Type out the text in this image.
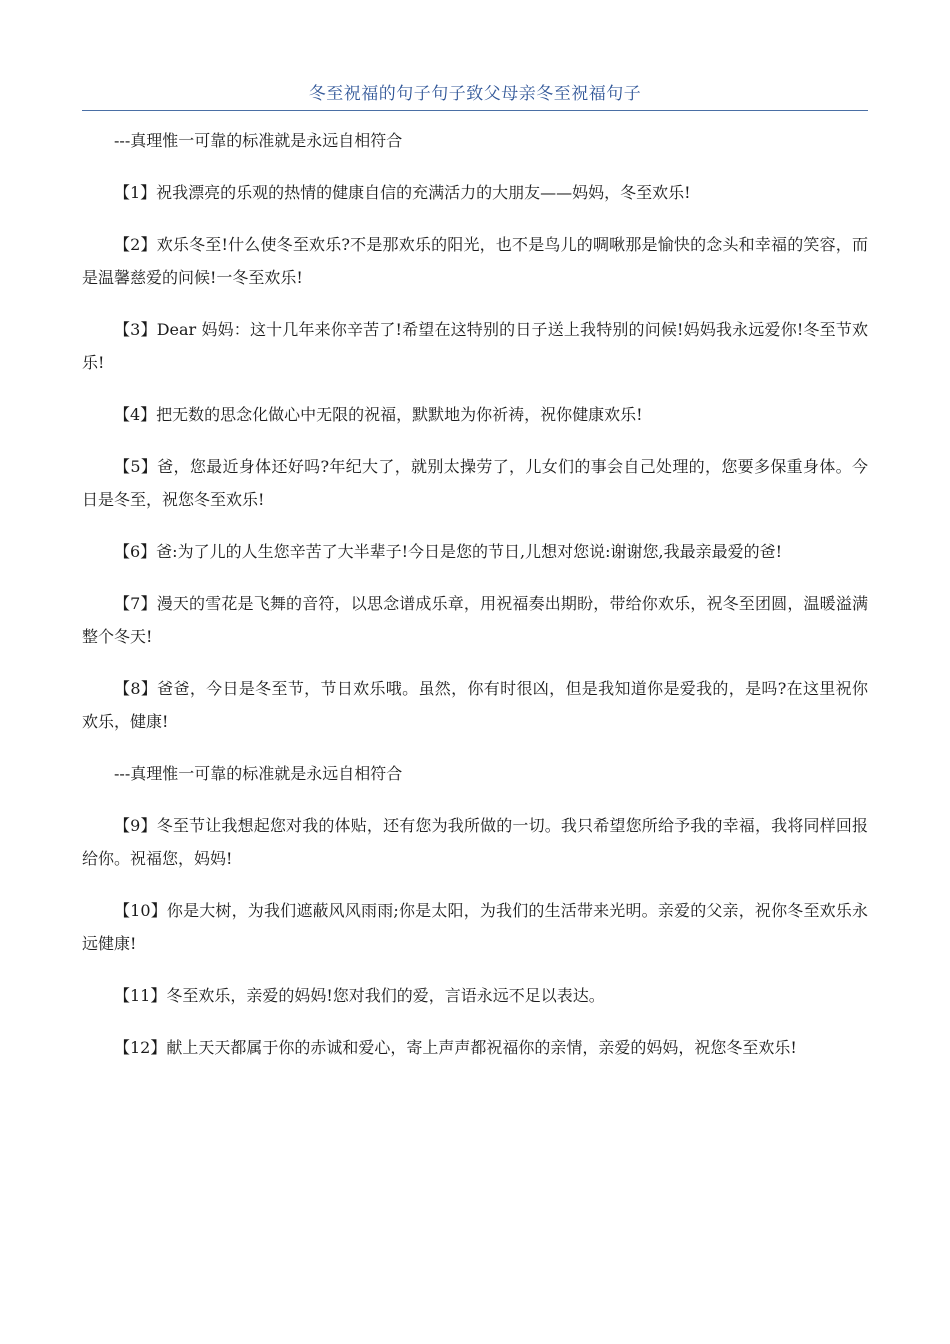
冬至祝福的句子句子致父母亲冬至祝福句子

---真理惟一可靠的标准就是永远自相符合

【1】祝我漂亮的乐观的热情的健康自信的充满活力的大朋友——妈妈，冬至欢乐!

【2】欢乐冬至!什么使冬至欢乐?不是那欢乐的阳光，也不是鸟儿的啁啾那是愉快的念头和幸福的笑容，而是温馨慈爱的问候!一冬至欢乐!

【3】Dear 妈妈：这十几年来你辛苦了!希望在这特别的日子送上我特别的问候!妈妈我永远爱你!冬至节欢乐!

【4】把无数的思念化做心中无限的祝福，默默地为你祈祷，祝你健康欢乐!

【5】爸，您最近身体还好吗?年纪大了，就别太操劳了，儿女们的事会自己处理的，您要多保重身体。今日是冬至，祝您冬至欢乐!

【6】爸:为了儿的人生您辛苦了大半辈子!今日是您的节日,儿想对您说:谢谢您,我最亲最爱的爸!

【7】漫天的雪花是飞舞的音符，以思念谱成乐章，用祝福奏出期盼，带给你欢乐，祝冬至团圆，温暖溢满整个冬天!

【8】爸爸，今日是冬至节，节日欢乐哦。虽然，你有时很凶，但是我知道你是爱我的，是吗?在这里祝你欢乐，健康!

---真理惟一可靠的标准就是永远自相符合

【9】冬至节让我想起您对我的体贴，还有您为我所做的一切。我只希望您所给予我的幸福，我将同样回报给你。祝福您，妈妈!

【10】你是大树，为我们遮蔽风风雨雨;你是太阳，为我们的生活带来光明。亲爱的父亲，祝你冬至欢乐永远健康!

【11】冬至欢乐，亲爱的妈妈!您对我们的爱，言语永远不足以表达。

【12】献上天天都属于你的赤诚和爱心，寄上声声都祝福你的亲情，亲爱的妈妈，祝您冬至欢乐!
